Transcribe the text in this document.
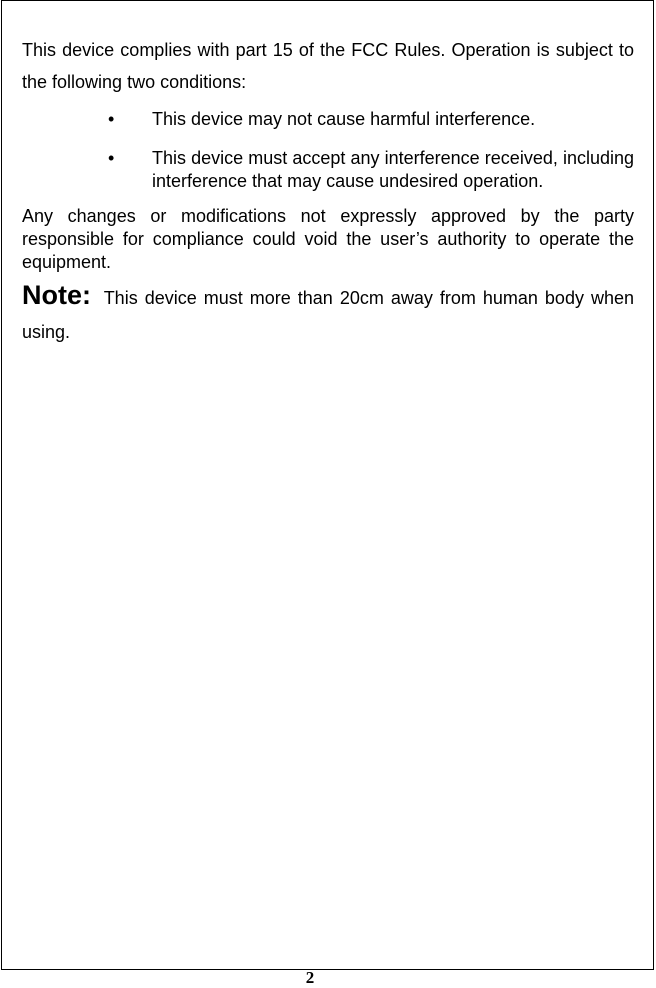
This device complies with part 15 of the FCC Rules. Operation is subject to the following two conditions:

•	This device may not cause harmful interference.
•	This device must accept any interference received, including interference that may cause undesired operation.

Any changes or modifications not expressly approved by the party responsible for compliance could void the user’s authority to operate the equipment.

Note: This device must more than 20cm away from human body when using.

2
